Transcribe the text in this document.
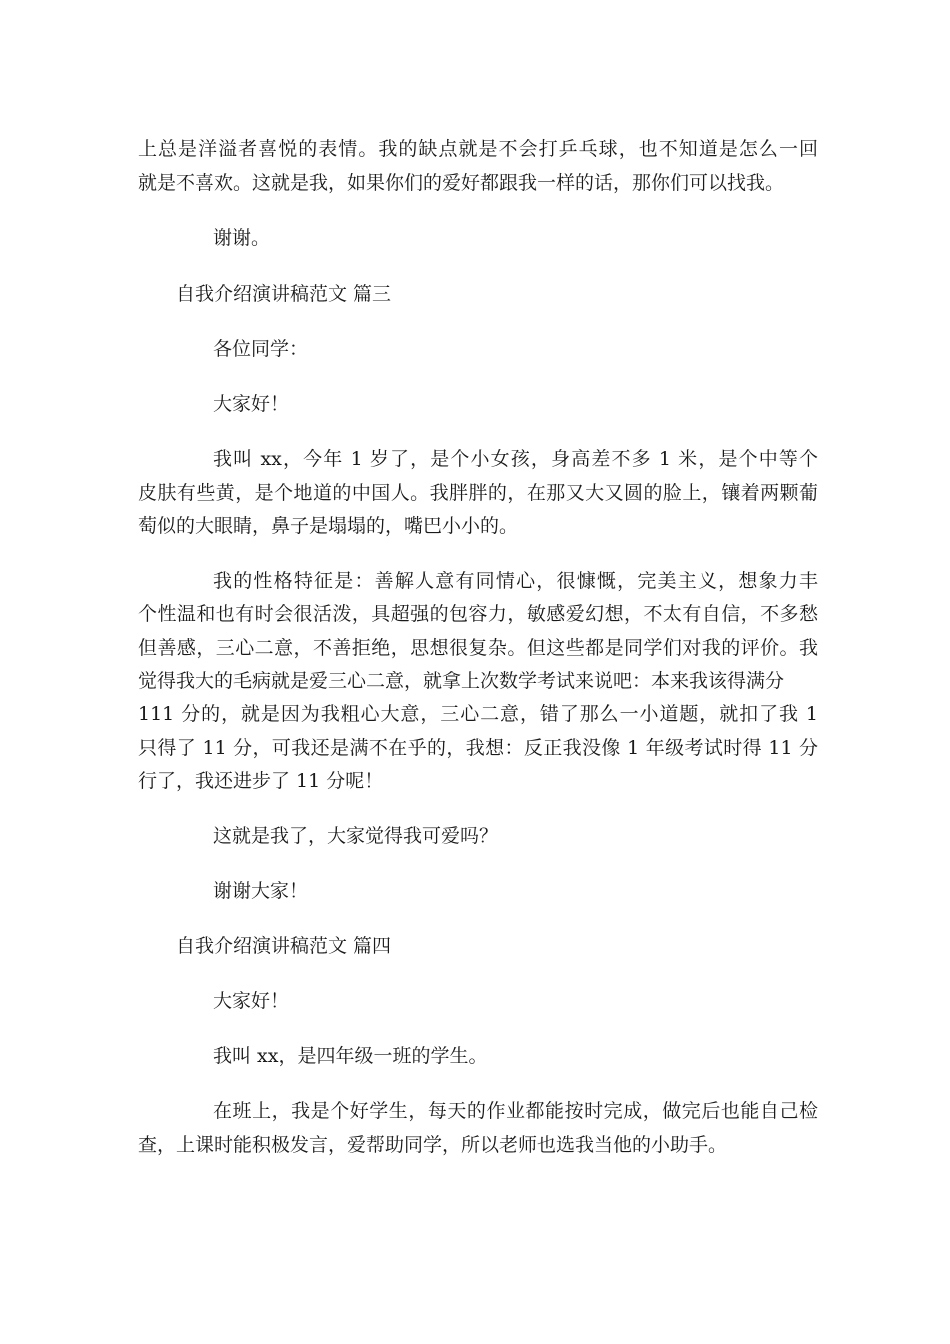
上总是洋溢者喜悦的表情。我的缺点就是不会打乒乓球，也不知道是怎么一回
就是不喜欢。这就是我，如果你们的爱好都跟我一样的话，那你们可以找我。
谢谢。
自我介绍演讲稿范文 篇三
各位同学：
大家好！
我叫 xx，今年 1 岁了，是个小女孩，身高差不多 1 米，是个中等个
皮肤有些黄，是个地道的中国人。我胖胖的，在那又大又圆的脸上，镶着两颗葡
萄似的大眼睛，鼻子是塌塌的，嘴巴小小的。
我的性格特征是：善解人意有同情心，很慷慨，完美主义，想象力丰
个性温和也有时会很活泼，具超强的包容力，敏感爱幻想，不太有自信，不多愁
但善感，三心二意，不善拒绝，思想很复杂。但这些都是同学们对我的评价。我
觉得我大的毛病就是爱三心二意，就拿上次数学考试来说吧：本来我该得满分
111 分的，就是因为我粗心大意，三心二意，错了那么一小道题，就扣了我 1
只得了 11 分，可我还是满不在乎的，我想：反正我没像 1 年级考试时得 11 分
行了，我还进步了 11 分呢！
这就是我了，大家觉得我可爱吗？
谢谢大家！
自我介绍演讲稿范文 篇四
大家好！
我叫 xx，是四年级一班的学生。
在班上，我是个好学生，每天的作业都能按时完成，做完后也能自己检
查，上课时能积极发言，爱帮助同学，所以老师也选我当他的小助手。
